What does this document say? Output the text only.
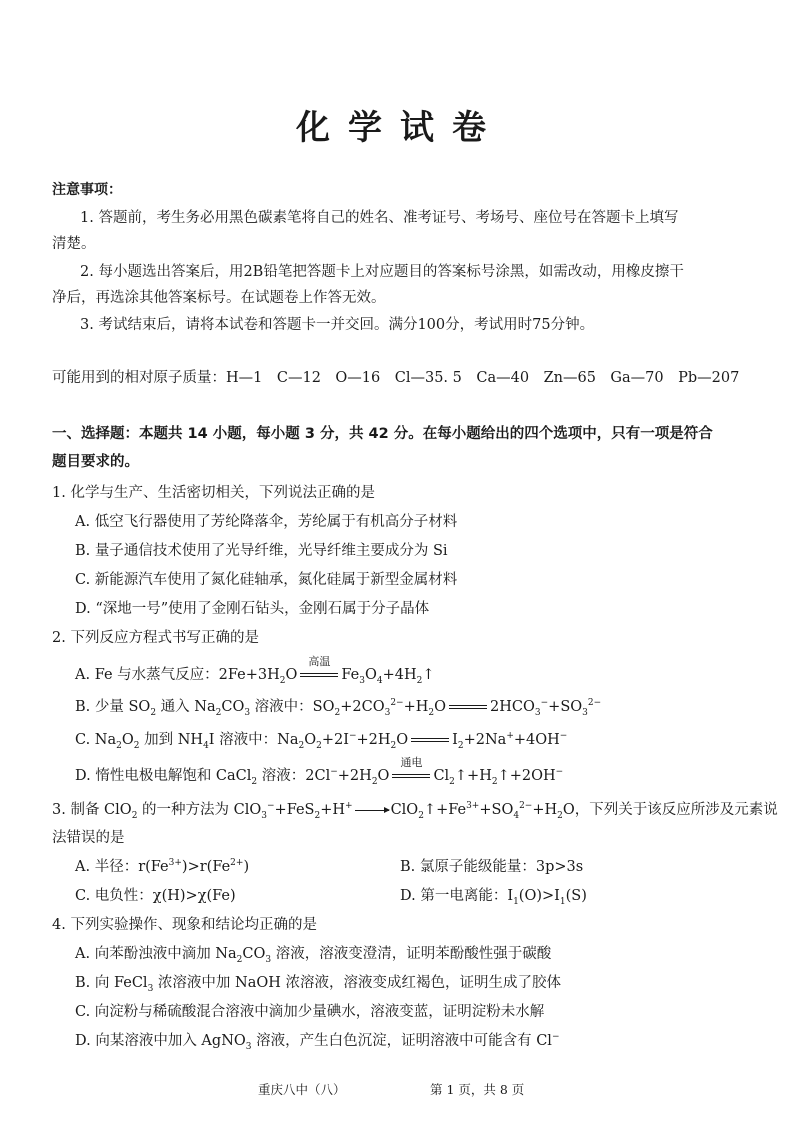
化学试卷
注意事项：
1. 答题前，考生务必用黑色碳素笔将自己的姓名、准考证号、考场号、座位号在答题卡上填写
清楚。
2. 每小题选出答案后，用2B铅笔把答题卡上对应题目的答案标号涂黑，如需改动，用橡皮擦干
净后，再选涂其他答案标号。在试题卷上作答无效。
3. 考试结束后，请将本试卷和答题卡一并交回。满分100分，考试用时75分钟。
可能用到的相对原子质量：H—1　C—12　O—16　Cl—35. 5　Ca—40　Zn—65　Ga—70　Pb—207
一、选择题：本题共 14 小题，每小题 3 分，共 42 分。在每小题给出的四个选项中，只有一项是符合
题目要求的。
1. 化学与生产、生活密切相关，下列说法正确的是
A. 低空飞行器使用了芳纶降落伞，芳纶属于有机高分子材料
B. 量子通信技术使用了光导纤维，光导纤维主要成分为 Si
C. 新能源汽车使用了氮化硅轴承，氮化硅属于新型金属材料
D. “深地一号”使用了金刚石钻头，金刚石属于分子晶体
2. 下列反应方程式书写正确的是
A. Fe 与水蒸气反应：$2Fe+3H_2O$
高温
$Fe_3O_4+4H_2↑$
B. 少量 $SO_2$ 通入 $Na_2CO_3$ 溶液中：$SO_2+2CO_3^{2-}+H_2O$	$2HCO_3^-+SO_3^{2-}$
C. $Na_2O_2$ 加到 $NH_4I$ 溶液中：$Na_2O_2+2I^-+2H_2O$	$I_2+2Na^++4OH^-$
D. 惰性电极电解饱和 CaCl$_2$ 溶液：$2Cl^-+2H_2O$
通电
$Cl_2↑+H_2↑+2OH^-$
3. 制备 ClO$_2$ 的一种方法为 ClO$_3$−+FeS$_2$+H+	$ClO_2↑+Fe^{3+}+SO_4^{2-}+H_2O$，下列关于该反应所涉及元素说
法错误的是
A. 半径：$r(Fe^{3+})>r(Fe^{2+})$	B. 氯原子能级能量：3p>3s
C. 电负性：χ(H)>χ(Fe)	D. 第一电离能：$I_1(O)>I_1(S)$
4. 下列实验操作、现象和结论均正确的是
A. 向苯酚浊液中滴加 $Na_2CO_3$ 溶液，溶液变澄清，证明苯酚酸性强于碳酸
B. 向 FeCl$_3$ 浓溶液中加 NaOH 浓溶液，溶液变成红褐色，证明生成了胶体
C. 向淀粉与稀硫酸混合溶液中滴加少量碘水，溶液变蓝，证明淀粉未水解
D. 向某溶液中加入 AgNO$_3$ 溶液，产生白色沉淀，证明溶液中可能含有 Cl−
重庆八中（八）	第 1 页，共 8 页
